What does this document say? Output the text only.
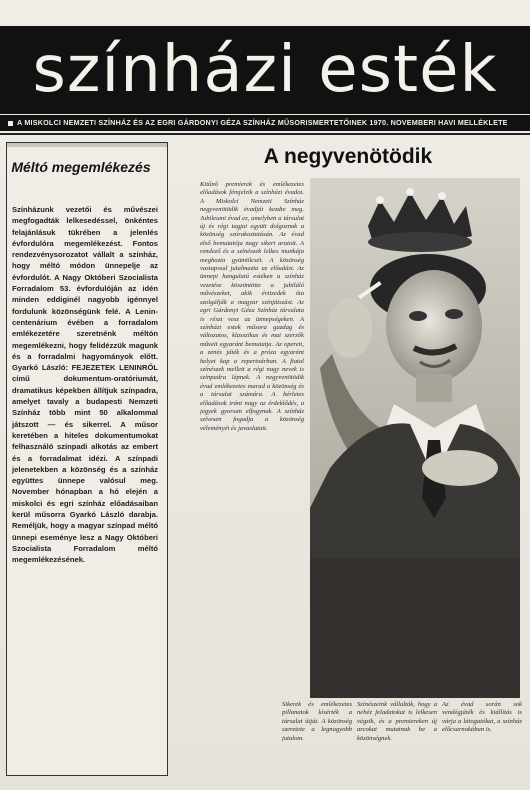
színházi esték
A MISKOLCI NEMZETI SZÍNHÁZ ÉS AZ EGRI GÁRDONYI GÉZA SZÍNHÁZ MŰSORISMERTETŐINEK 1970. NOVEMBERI HAVI MELLÉKLETE
Méltó megemlékezés
Színházunk vezetői és művészei megfogadták lelkesedéssel, önkéntes felajánlásuk tükrében a jelenlés évfordulóra megemlékezést. Fontos rendezvénysorozatot vállalt a színház, hogy méltó módon ünnepelje az évfordulót. A Nagy Októberi Szocialista Forradalom 53. évfordulóján az idén minden eddiginél nagyobb igénnyel fordulunk közönségünk felé. A Lenin-centenárium évében a forradalom emlékezetére szeretnénk méltón megemlékezni, hogy felidézzük magunk és a forradalmi hagyományok előtt. Gyarkó László: FEJEZETEK LENINRŐL című dokumentum-oratóriumát, dramatikus képekben állítjuk színpadra, amelyet tavaly a budapesti Nemzeti Színház több mint 50 alkalommal játszott — és sikerrel. A műsor keretében a hiteles dokumentumokat felhasználó színpadi alkotás az embert és a forradalmat idézi. A színpadi jelenetekben a közönség és a színház együttes ünnepe valósul meg. November hónapban a hó elején a miskolci és egri színház előadásaiban kerül műsorra Gyarkó László darabja. Reméljük, hogy a magyar színpad méltó ünnepi eseménye lesz a Nagy Októberi Szocialista Forradalom méltó megemlékezésének.
A negyvenötödik
Kitűnő premierek és emlékezetes előadások fémjelzik a színházi évadot. A Miskolci Nemzeti Színház negyvenötödik évadját kezdte meg. Jubileumi évad ez, amelyben a társulat új és régi tagjai együtt dolgoznak a közönség szórakoztatásán. Az évad első bemutatója nagy sikert aratott. A rendező és a színészek lelkes munkája meghozta gyümölcsét. A közönség vastapssal jutalmazta az előadást. Az ünnepi hangulatú estéken a színház vezetése köszöntötte a jubiláló művészeket, akik évtizedek óta szolgálják a magyar színjátszást. Az egri Gárdonyi Géza Színház társulata is részt vesz az ünnepségeken. A színházi estek műsora gazdag és változatos, klasszikus és mai szerzők műveit egyaránt bemutatja. Az operett, a zenés játék és a próza egyaránt helyet kap a repertoárban. A fiatal színészek mellett a régi nagy nevek is színpadra lépnek. A negyvenötödik évad emlékezetes marad a közönség és a társulat számára. A bérletes előadások iránt nagy az érdeklődés, a jegyek gyorsan elfogynak. A színház szívesen fogadja a közönség véleményét és javaslatait.
Sikerek és emlékezetes pillanatok kísérték a társulat útját. A közönség szeretete a legnagyobb jutalom.
Színészeink vállalták, hogy a nehéz feladatokat is lelkesen végzik, és a premiereken új arcokat mutatnak be a közönségnek.
Az évad során sok vendégjáték és kiállítás is várja a látogatókat, a színház előcsarnokában is.
